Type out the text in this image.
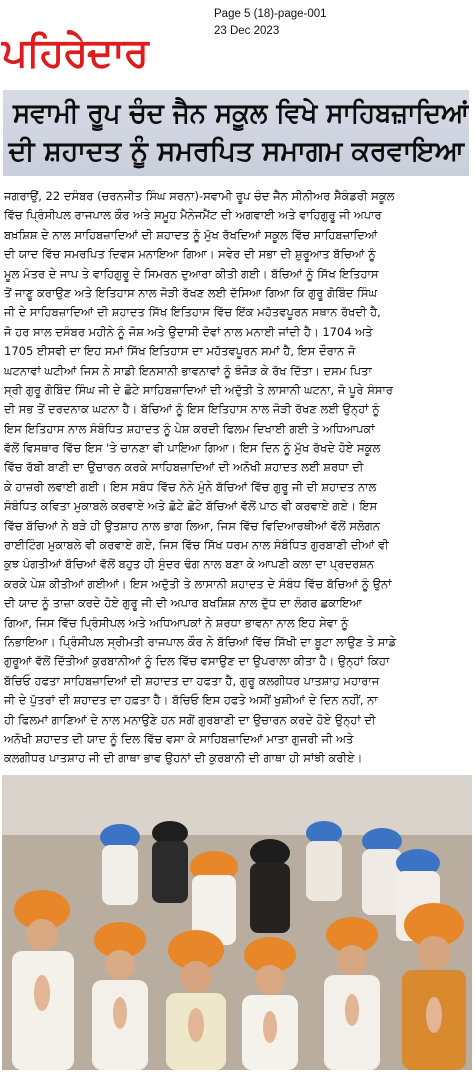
ਪਹਿਰੇਦਾਰ
Page 5 (18)-page-001
23 Dec 2023
ਸਵਾਮੀ ਰੂਪ ਚੰਦ ਜੈਨ ਸਕੂਲ ਵਿਖੇ ਸਾਹਿਬਜ਼ਾਦਿਆਂ
ਦੀ ਸ਼ਹਾਦਤ ਨੂੰ ਸਮਰਪਿਤ ਸਮਾਗਮ ਕਰਵਾਇਆ
ਜਗਰਾਉਂ, 22 ਦਸੰਬਰ (ਚਰਨਜੀਤ ਸਿੰਘ ਸਰਨਾ)-ਸਵਾਮੀ ਰੂਪ ਚੰਦ ਜੈਨ ਸੀਨੀਅਰ ਸੈਕੰਡਰੀ ਸਕੂਲ
ਵਿੱਚ ਪ੍ਰਿੰਸੀਪਲ ਰਾਜਪਾਲ ਕੌਰ ਅਤੇ ਸਮੂਹ ਮੈਨੇਜਮੈਂਟ ਦੀ ਅਗਵਾਈ ਅਤੇ ਵਾਹਿਗੁਰੂ ਜੀ ਅਪਾਰ
ਬਖ਼ਸ਼ਿਸ਼ ਦੇ ਨਾਲ ਸਾਹਿਬਜ਼ਾਦਿਆਂ ਦੀ ਸ਼ਹਾਦਤ ਨੂੰ ਮੁੱਖ ਰੱਖਦਿਆਂ ਸਕੂਲ ਵਿੱਚ ਸਾਹਿਬਜ਼ਾਦਿਆਂ
ਦੀ ਯਾਦ ਵਿੱਚ ਸਮਰਪਿਤ ਦਿਵਸ ਮਨਾਇਆ ਗਿਆ। ਸਵੇਰ ਦੀ ਸਭਾ ਦੀ ਸ਼ੁਰੂਆਤ ਬੱਚਿਆਂ ਨੂੰ
ਮੂਲ ਮੰਤਰ ਦੇ ਜਾਪ ਤੇ ਵਾਹਿਗੁਰੂ ਦੇ ਸਿਮਰਨ ਦੁਆਰਾ ਕੀਤੀ ਗਈ। ਬੱਚਿਆਂ ਨੂੰ ਸਿੱਖ ਇਤਿਹਾਸ
ਤੋਂ ਜਾਣੂ ਕਰਾਉਣ ਅਤੇ ਇਤਿਹਾਸ ਨਾਲ ਜੋੜੀ ਰੱਖਣ ਲਈ ਦੱਸਿਆ ਗਿਆ ਕਿ ਗੁਰੂ ਗੋਬਿੰਦ ਸਿੰਘ
ਜੀ ਦੇ ਸਾਹਿਬਜ਼ਾਦਿਆਂ ਦੀ ਸ਼ਹਾਦਤ ਸਿੱਖ ਇਤਿਹਾਸ ਵਿੱਚ ਇੱਕ ਮਹੱਤਵਪੂਰਨ ਸਥਾਨ ਰੱਖਦੀ ਹੈ,
ਜੋ ਹਰ ਸਾਲ ਦਸੰਬਰ ਮਹੀਨੇ ਨੂੰ ਜੋਸ਼ ਅਤੇ ਉਦਾਸੀ ਦੋਵਾਂ ਨਾਲ ਮਨਾਈ ਜਾਂਦੀ ਹੈ। 1704 ਅਤੇ
1705 ਈਸਵੀ ਦਾ ਇਹ ਸਮਾਂ ਸਿੱਖ ਇਤਿਹਾਸ ਦਾ ਮਹੱਤਵਪੂਰਨ ਸਮਾਂ ਹੈ, ਇਸ ਦੌਰਾਨ ਜੋ
ਘਟਨਾਵਾਂ ਘਟੀਆਂ ਜਿਸ ਨੇ ਸਾਡੀ ਇਨਸਾਨੀ ਭਾਵਨਾਵਾਂ ਨੂੰ ਝੰਜੋੜ ਕੇ ਰੱਖ ਦਿੱਤਾ। ਦਸਮ ਪਿਤਾ
ਸ੍ਰੀ ਗੁਰੂ ਗੋਬਿੰਦ ਸਿੰਘ ਜੀ ਦੇ ਛੋਟੇ ਸਾਹਿਬਜ਼ਾਦਿਆਂ ਦੀ ਅਦੁੱਤੀ ਤੇ ਲਾਸਾਨੀ ਘਟਨਾ, ਜੋ ਪੂਰੇ ਸੰਸਾਰ
ਦੀ ਸਭ ਤੋਂ ਦਰਦਨਾਕ ਘਟਨਾ ਹੈ। ਬੱਚਿਆਂ ਨੂੰ ਇਸ ਇਤਿਹਾਸ ਨਾਲ ਜੋੜੀ ਰੱਖਣ ਲਈ ਉਨ੍ਹਾਂ ਨੂੰ
ਇਸ ਇਤਿਹਾਸ ਨਾਲ ਸੰਬੰਧਿਤ ਸ਼ਹਾਦਤ ਨੂੰ ਪੇਸ਼ ਕਰਦੀ ਫਿਲਮ ਦਿਖਾਈ ਗਈ ਤੇ ਅਧਿਆਪਕਾਂ
ਵੱਲੋਂ ਵਿਸਥਾਰ ਵਿੱਚ ਇਸ 'ਤੇ ਚਾਨਣਾ ਵੀ ਪਾਇਆ ਗਿਆ। ਇਸ ਦਿਨ ਨੂੰ ਮੁੱਖ ਰੱਖਦੇ ਹੋਏ ਸਕੂਲ
ਵਿੱਚ ਰੱਬੀ ਬਾਣੀ ਦਾ ਉਚਾਰਨ ਕਰਕੇ ਸਾਹਿਬਜ਼ਾਦਿਆਂ ਦੀ ਅਨੋਖੀ ਸ਼ਹਾਦਤ ਲਈ ਸ਼ਰਧਾ ਦੀ
ਕੇ ਹਾਜ਼ਰੀ ਲਵਾਈ ਗਈ। ਇਸ ਸਬੰਧ ਵਿੱਚ ਨੰਨੇ ਮੁੰਨੇ ਬੱਚਿਆਂ ਵਿੱਚ ਗੁਰੂ ਜੀ ਦੀ ਸ਼ਹਾਦਤ ਨਾਲ
ਸੰਬੰਧਿਤ ਕਵਿਤਾ ਮੁਕਾਬਲੇ ਕਰਵਾਏ ਅਤੇ ਛੋਟੇ ਛੋਟੇ ਬੱਚਿਆਂ ਵੱਲੋਂ ਪਾਠ ਵੀ ਕਰਵਾਏ ਗਏ। ਇਸ
ਵਿੱਚ ਬੱਚਿਆਂ ਨੇ ਬੜੇ ਹੀ ਉਤਸ਼ਾਹ ਨਾਲ ਭਾਗ ਲਿਆ, ਜਿਸ ਵਿੱਚ ਵਿਦਿਆਰਥੀਆਂ ਵੱਲੋਂ ਸਲੋਗਨ
ਰਾਈਟਿੰਗ ਮੁਕਾਬਲੇ ਵੀ ਕਰਵਾਏ ਗਏ, ਜਿਸ ਵਿੱਚ ਸਿੱਖ ਧਰਮ ਨਾਲ ਸੰਬੰਧਿਤ ਗੁਰਬਾਣੀ ਦੀਆਂ ਵੀ
ਕੁਝ ਪੰਗਤੀਆਂ ਬੱਚਿਆਂ ਵੱਲੋਂ ਬਹੁਤ ਹੀ ਸੁੰਦਰ ਢੰਗ ਨਾਲ ਬਣਾ ਕੇ ਆਪਣੀ ਕਲਾ ਦਾ ਪ੍ਰਦਰਸ਼ਨ
ਕਰਕੇ ਪੇਸ਼ ਕੀਤੀਆਂ ਗਈਆਂ। ਇਸ ਅਦੁੱਤੀ ਤੇ ਲਾਸਾਨੀ ਸ਼ਹਾਦਤ ਦੇ ਸੰਬੰਧ ਵਿੱਚ ਬੱਚਿਆਂ ਨੂੰ ਉਨਾਂ
ਦੀ ਯਾਦ ਨੂੰ ਤਾਜ਼ਾ ਕਰਦੇ ਹੋਏ ਗੁਰੂ ਜੀ ਦੀ ਅਪਾਰ ਬਖਸ਼ਿਸ਼ ਨਾਲ ਦੁੱਧ ਦਾ ਲੰਗਰ ਛਕਾਇਆ
ਗਿਆ, ਜਿਸ ਵਿੱਚ ਪ੍ਰਿੰਸੀਪਲ ਅਤੇ ਅਧਿਆਪਕਾਂ ਨੇ ਸ਼ਰਧਾ ਭਾਵਨਾ ਨਾਲ ਇਹ ਸੇਵਾ ਨੂੰ
ਨਿਭਾਇਆ। ਪ੍ਰਿੰਸੀਪਲ ਸ੍ਰੀਮਤੀ ਰਾਜਪਾਲ ਕੌਰ ਨੇ ਬੱਚਿਆਂ ਵਿੱਚ ਸਿੱਖੀ ਦਾ ਬੂਟਾ ਲਾਉਣ ਤੇ ਸਾਡੇ
ਗੁਰੂਆਂ ਵੱਲੋਂ ਦਿੱਤੀਆਂ ਕੁਰਬਾਨੀਆਂ ਨੂੰ ਦਿਲ ਵਿੱਚ ਵਸਾਉਣ ਦਾ ਉਪਰਾਲਾ ਕੀਤਾ ਹੈ। ਉਨ੍ਹਾਂ ਕਿਹਾ
ਬੱਚਿਓ ਹਫਤਾ ਸਾਹਿਬਜ਼ਾਦਿਆਂ ਦੀ ਸ਼ਹਾਦਤ ਦਾ ਹਫਤਾ ਹੈ, ਗੁਰੂ ਕਲਗੀਧਰ ਪਾਤਸ਼ਾਹ ਮਹਾਰਾਜ
ਜੀ ਦੇ ਪੁੱਤਰਾਂ ਦੀ ਸ਼ਹਾਦਤ ਦਾ ਹਫ਼ਤਾ ਹੈ। ਬੱਚਿਓ ਇਸ ਹਫਤੇ ਅਸੀਂ ਖੁਸ਼ੀਆਂ ਦੇ ਦਿਨ ਨਹੀਂ, ਨਾ
ਹੀ ਫਿਲਮਾਂ ਗਾਣਿਆਂ ਦੇ ਨਾਲ ਮਨਾਉਣੇ ਹਨ ਸਗੋਂ ਗੁਰਬਾਣੀ ਦਾ ਉਚਾਰਨ ਕਰਦੇ ਹੋਏ ਉਨ੍ਹਾਂ ਦੀ
ਅਨੋਖੀ ਸ਼ਹਾਦਤ ਦੀ ਯਾਦ ਨੂੰ ਦਿਲ ਵਿੱਚ ਵਸਾ ਕੇ ਸਾਹਿਬਜ਼ਾਦਿਆਂ ਮਾਤਾ ਗੁਜਰੀ ਜੀ ਅਤੇ
ਕਲਗੀਧਰ ਪਾਤਸ਼ਾਹ ਜੀ ਦੀ ਗਾਥਾ ਭਾਵ ਉਹਨਾਂ ਦੀ ਕੁਰਬਾਨੀ ਦੀ ਗਾਥਾ ਹੀ ਸਾਂਝੀ ਕਰੀਏ।
